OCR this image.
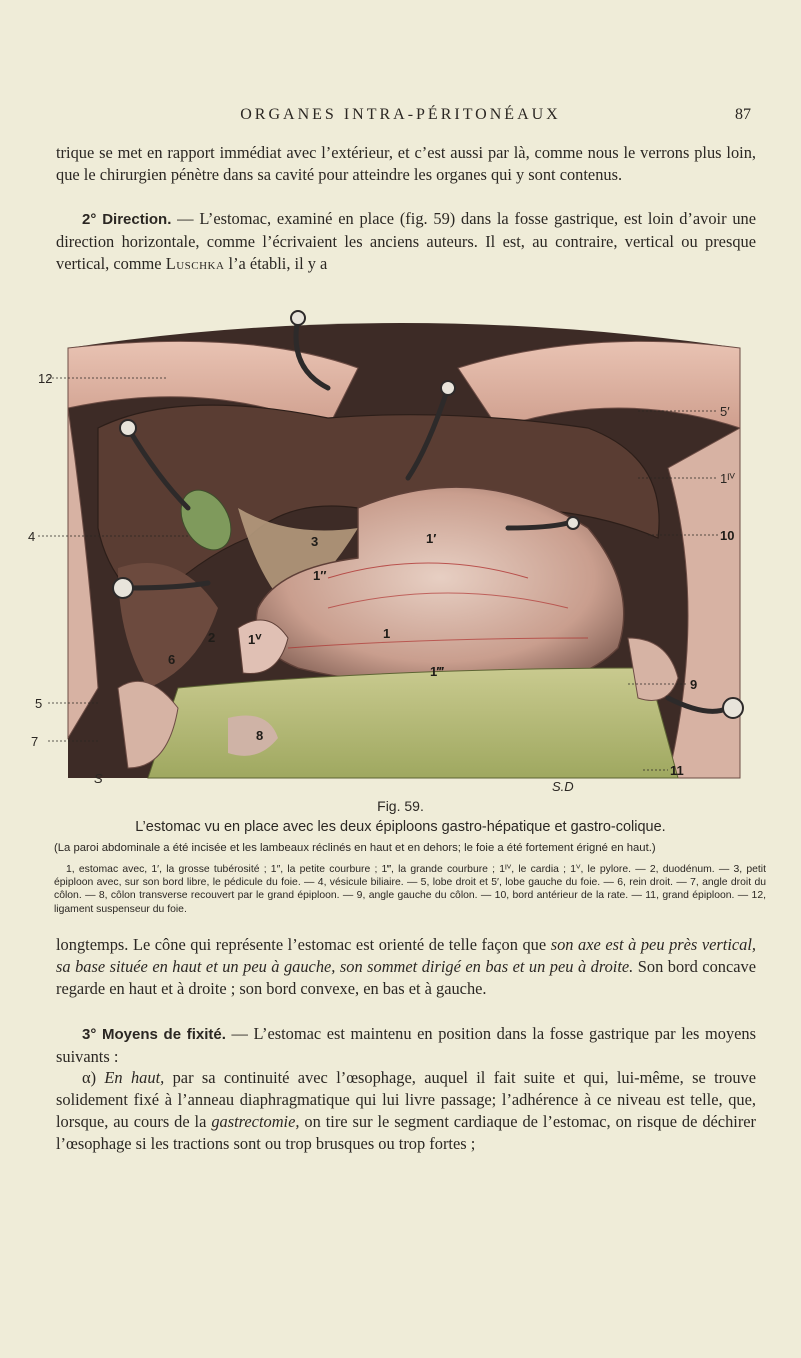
ORGANES INTRA-PÉRITONÉAUX	87
trique se met en rapport immédiat avec l’extérieur, et c’est aussi par là, comme nous le verrons plus loin, que le chirurgien pénètre dans sa cavité pour atteindre les organes qui y sont contenus.
2° Direction. — L’estomac, examiné en place (fig. 59) dans la fosse gastrique, est loin d’avoir une direction horizontale, comme l’écrivaient les anciens auteurs. Il est, au contraire, vertical ou presque vertical, comme Luschka l’a établi, il y a
12
5′
1ᴵⱽ
10
4	3	1′
1″
1ⱽ	1
1‴
2
6
9
5
7	8
11
S
S.D
Fig. 59.
L’estomac vu en place avec les deux épiploons gastro-hépatique et gastro-colique.
(La paroi abdominale a été incisée et les lambeaux réclinés en haut et en dehors; le foie a été fortement érigné en haut.)
1, estomac avec, 1′, la grosse tubérosité ; 1″, la petite courbure ; 1‴, la grande courbure ; 1ᴵⱽ, le cardia ; 1ⱽ, le pylore. — 2, duodénum. — 3, petit épiploon avec, sur son bord libre, le pédicule du foie. — 4, vésicule biliaire. — 5, lobe droit et 5′, lobe gauche du foie. — 6, rein droit. — 7, angle droit du côlon. — 8, côlon transverse recouvert par le grand épiploon. — 9, angle gauche du côlon. — 10, bord antérieur de la rate. — 11, grand épiploon. — 12, ligament suspenseur du foie.
longtemps. Le cône qui représente l’estomac est orienté de telle façon que son axe est à peu près vertical, sa base située en haut et un peu à gauche, son sommet dirigé en bas et un peu à droite. Son bord concave regarde en haut et à droite ; son bord convexe, en bas et à gauche.
3° Moyens de fixité. — L’estomac est maintenu en position dans la fosse gastrique par les moyens suivants :
α) En haut, par sa continuité avec l’œsophage, auquel il fait suite et qui, lui-même, se trouve solidement fixé à l’anneau diaphragmatique qui lui livre passage; l’adhérence à ce niveau est telle, que, lorsque, au cours de la gastrectomie, on tire sur le segment cardiaque de l’estomac, on risque de déchirer l’œsophage si les tractions sont ou trop brusques ou trop fortes ;
